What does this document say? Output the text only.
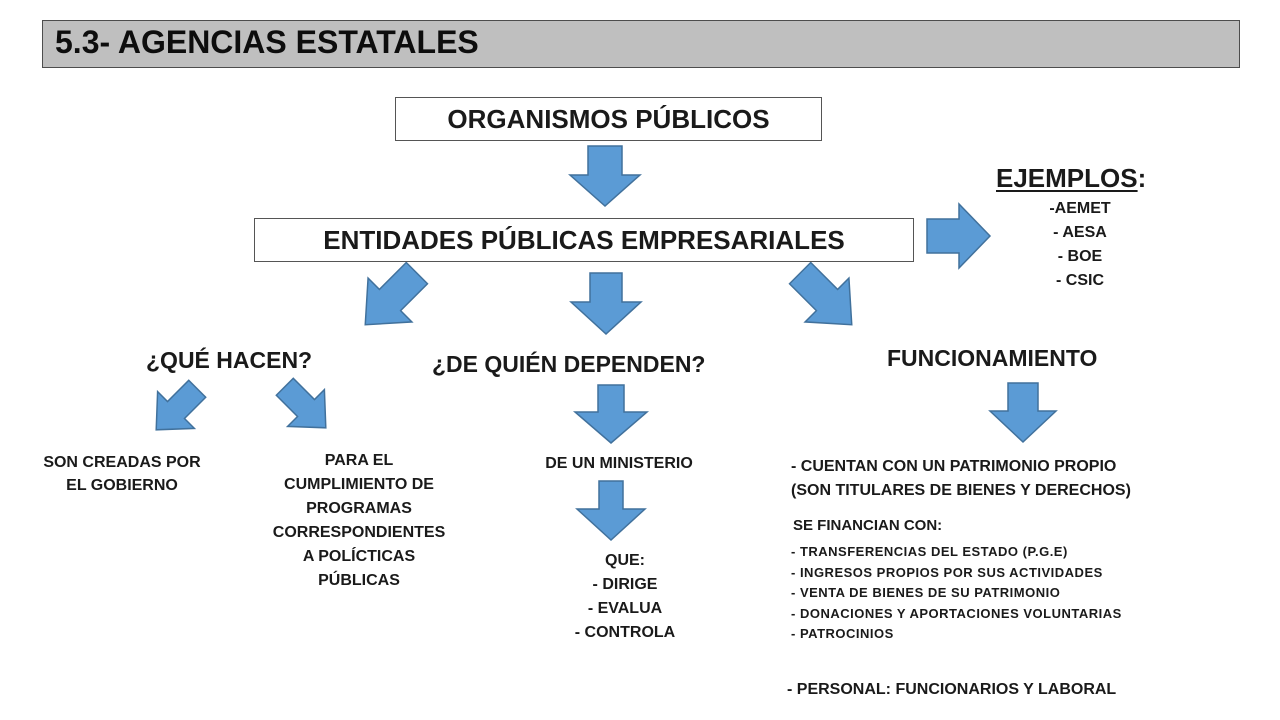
5.3- AGENCIAS ESTATALES
ORGANISMOS PÚBLICOS
ENTIDADES PÚBLICAS EMPRESARIALES
EJEMPLOS:
-AEMET
- AESA
- BOE
- CSIC
¿QUÉ HACEN?	¿DE QUIÉN DEPENDEN?	FUNCIONAMIENTO
SON CREADAS POR
EL GOBIERNO
PARA EL
CUMPLIMIENTO DE
PROGRAMAS
CORRESPONDIENTES
A POLÍCTICAS
PÚBLICAS
DE UN MINISTERIO
QUE:
- DIRIGE
- EVALUA
- CONTROLA
- CUENTAN CON UN PATRIMONIO PROPIO
(SON TITULARES DE BIENES Y DERECHOS)
SE FINANCIAN CON:
- TRANSFERENCIAS DEL ESTADO (P.G.E)
- INGRESOS PROPIOS POR SUS ACTIVIDADES
- VENTA DE BIENES DE SU PATRIMONIO
- DONACIONES Y APORTACIONES VOLUNTARIAS
- PATROCINIOS
- PERSONAL: FUNCIONARIOS Y LABORAL
